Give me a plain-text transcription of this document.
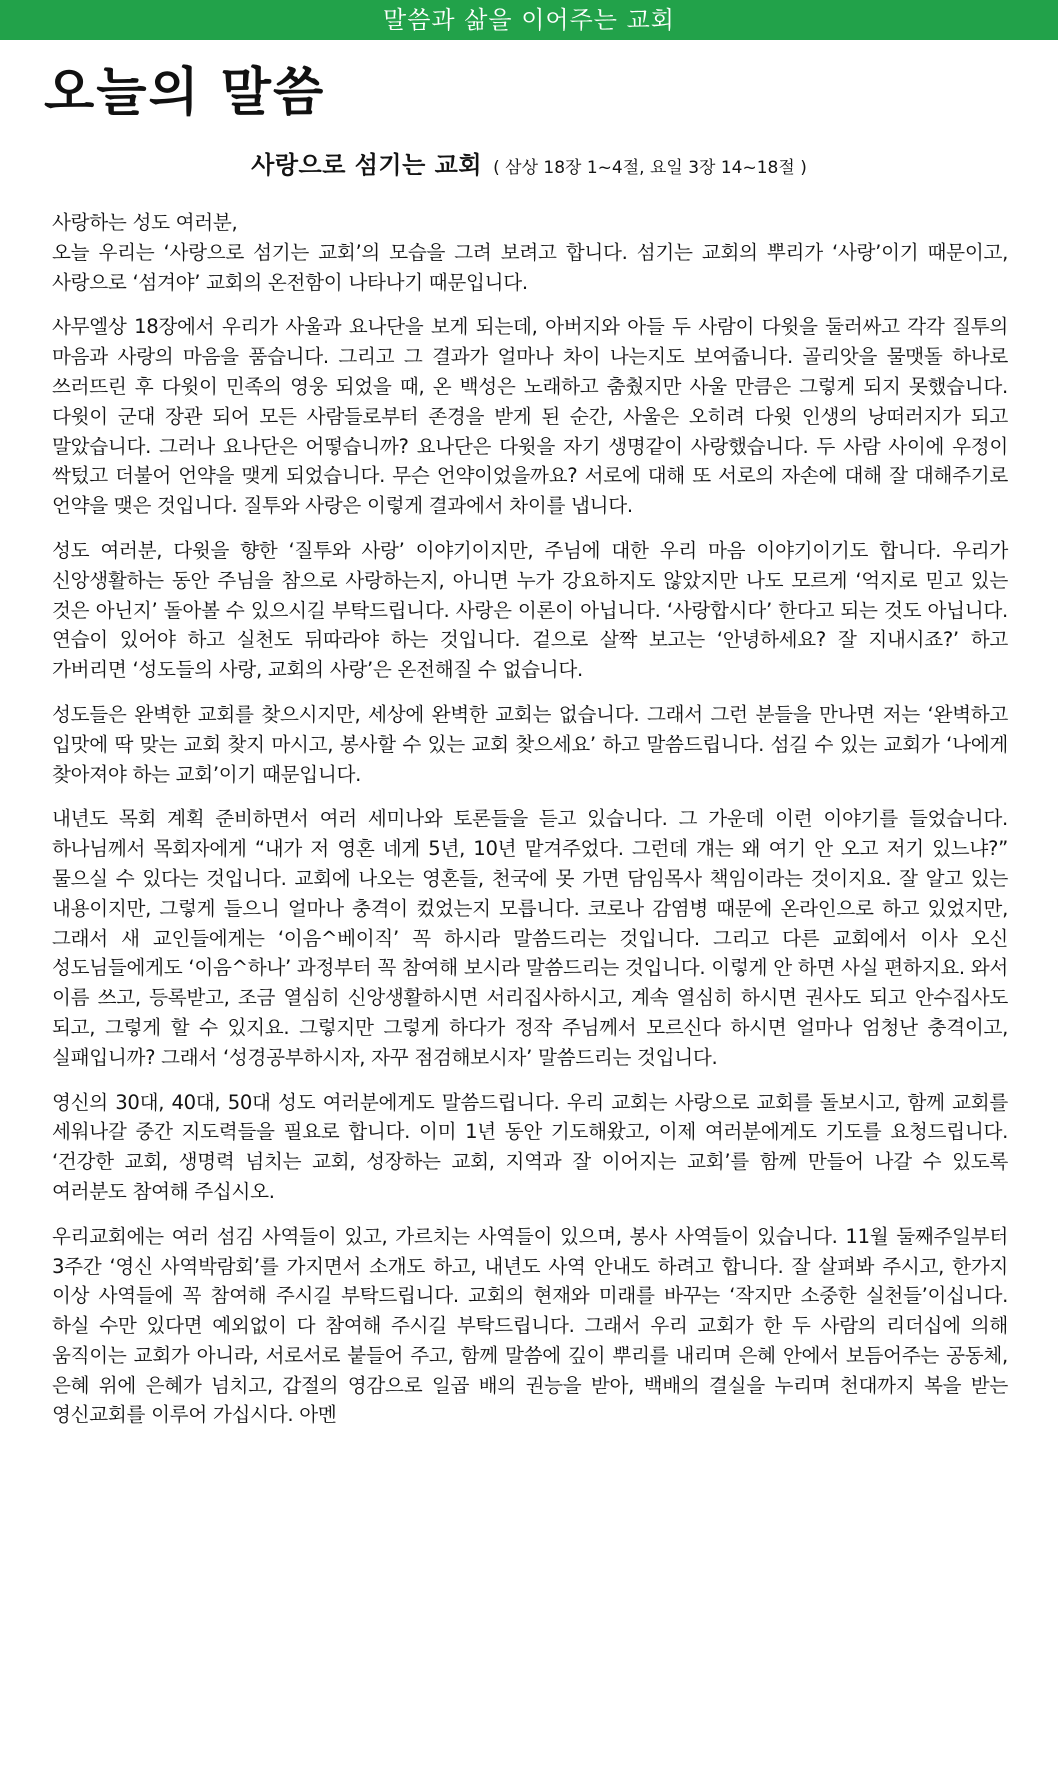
말씀과 삶을 이어주는 교회
오늘의 말씀
사랑으로 섬기는 교회 ( 삼상 18장 1~4절, 요일 3장 14~18절 )

사랑하는 성도 여러분,
오늘 우리는 ‘사랑으로 섬기는 교회’의 모습을 그려 보려고 합니다. 섬기는 교회의 뿌리가 ‘사랑’이기 때문이고, 사랑으로 ‘섬겨야’ 교회의 온전함이 나타나기 때문입니다.

사무엘상 18장에서 우리가 사울과 요나단을 보게 되는데, 아버지와 아들 두 사람이 다윗을 둘러싸고 각각 질투의 마음과 사랑의 마음을 품습니다. 그리고 그 결과가 얼마나 차이 나는지도 보여줍니다. 골리앗을 물맷돌 하나로 쓰러뜨린 후 다윗이 민족의 영웅 되었을 때, 온 백성은 노래하고 춤췄지만 사울 만큼은 그렇게 되지 못했습니다. 다윗이 군대 장관 되어 모든 사람들로부터 존경을 받게 된 순간, 사울은 오히려 다윗 인생의 낭떠러지가 되고 말았습니다. 그러나 요나단은 어떻습니까? 요나단은 다윗을 자기 생명같이 사랑했습니다. 두 사람 사이에 우정이 싹텄고 더불어 언약을 맺게 되었습니다. 무슨 언약이었을까요? 서로에 대해 또 서로의 자손에 대해 잘 대해주기로 언약을 맺은 것입니다. 질투와 사랑은 이렇게 결과에서 차이를 냅니다.

성도 여러분, 다윗을 향한 ‘질투와 사랑’ 이야기이지만, 주님에 대한 우리 마음 이야기이기도 합니다. 우리가 신앙생활하는 동안 주님을 참으로 사랑하는지, 아니면 누가 강요하지도 않았지만 나도 모르게 ‘억지로 믿고 있는 것은 아닌지’ 돌아볼 수 있으시길 부탁드립니다. 사랑은 이론이 아닙니다. ‘사랑합시다’ 한다고 되는 것도 아닙니다. 연습이 있어야 하고 실천도 뒤따라야 하는 것입니다. 겉으로 살짝 보고는 ‘안녕하세요? 잘 지내시죠?’ 하고 가버리면 ‘성도들의 사랑, 교회의 사랑’은 온전해질 수 없습니다.

성도들은 완벽한 교회를 찾으시지만, 세상에 완벽한 교회는 없습니다. 그래서 그런 분들을 만나면 저는 ‘완벽하고 입맛에 딱 맞는 교회 찾지 마시고, 봉사할 수 있는 교회 찾으세요’ 하고 말씀드립니다. 섬길 수 있는 교회가 ‘나에게 찾아져야 하는 교회’이기 때문입니다.

내년도 목회 계획 준비하면서 여러 세미나와 토론들을 듣고 있습니다. 그 가운데 이런 이야기를 들었습니다. 하나님께서 목회자에게 “내가 저 영혼 네게 5년, 10년 맡겨주었다. 그런데 걔는 왜 여기 안 오고 저기 있느냐?” 물으실 수 있다는 것입니다. 교회에 나오는 영혼들, 천국에 못 가면 담임목사 책임이라는 것이지요. 잘 알고 있는 내용이지만, 그렇게 들으니 얼마나 충격이 컸었는지 모릅니다. 코로나 감염병 때문에 온라인으로 하고 있었지만, 그래서 새 교인들에게는 ‘이음^베이직’ 꼭 하시라 말씀드리는 것입니다. 그리고 다른 교회에서 이사 오신 성도님들에게도 ‘이음^하나’ 과정부터 꼭 참여해 보시라 말씀드리는 것입니다. 이렇게 안 하면 사실 편하지요. 와서 이름 쓰고, 등록받고, 조금 열심히 신앙생활하시면 서리집사하시고, 계속 열심히 하시면 권사도 되고 안수집사도 되고, 그렇게 할 수 있지요. 그렇지만 그렇게 하다가 정작 주님께서 모르신다 하시면 얼마나 엄청난 충격이고, 실패입니까? 그래서 ‘성경공부하시자, 자꾸 점검해보시자’ 말씀드리는 것입니다.

영신의 30대, 40대, 50대 성도 여러분에게도 말씀드립니다. 우리 교회는 사랑으로 교회를 돌보시고, 함께 교회를 세워나갈 중간 지도력들을 필요로 합니다. 이미 1년 동안 기도해왔고, 이제 여러분에게도 기도를 요청드립니다. ‘건강한 교회, 생명력 넘치는 교회, 성장하는 교회, 지역과 잘 이어지는 교회’를 함께 만들어 나갈 수 있도록 여러분도 참여해 주십시오.

우리교회에는 여러 섬김 사역들이 있고, 가르치는 사역들이 있으며, 봉사 사역들이 있습니다. 11월 둘째주일부터 3주간 ‘영신 사역박람회’를 가지면서 소개도 하고, 내년도 사역 안내도 하려고 합니다. 잘 살펴봐 주시고, 한가지 이상 사역들에 꼭 참여해 주시길 부탁드립니다. 교회의 현재와 미래를 바꾸는 ‘작지만 소중한 실천들’이십니다. 하실 수만 있다면 예외없이 다 참여해 주시길 부탁드립니다. 그래서 우리 교회가 한 두 사람의 리더십에 의해 움직이는 교회가 아니라, 서로서로 붙들어 주고, 함께 말씀에 깊이 뿌리를 내리며 은혜 안에서 보듬어주는 공동체, 은혜 위에 은혜가 넘치고, 갑절의 영감으로 일곱 배의 권능을 받아, 백배의 결실을 누리며 천대까지 복을 받는 영신교회를 이루어 가십시다. 아멘
